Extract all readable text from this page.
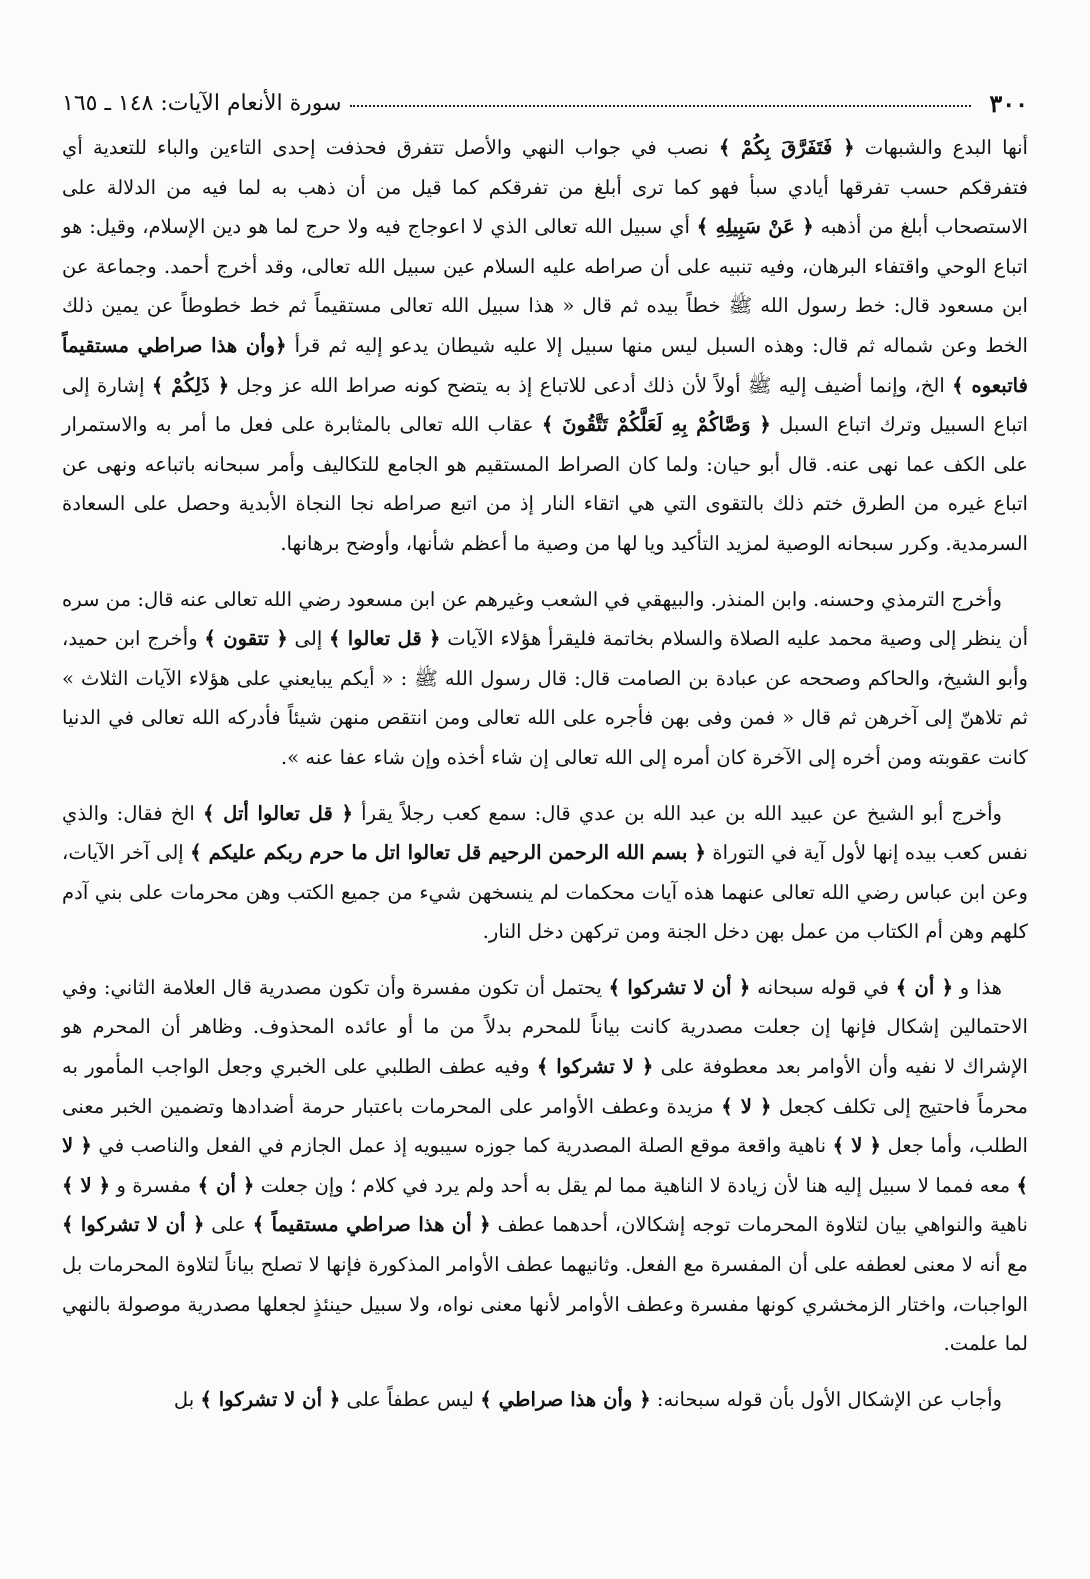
٣٠٠
سورة الأنعام الآيات: ١٤٨ ـ ١٦٥

أنها البدع والشبهات ﴿ فَتَفَرَّقَ بِكُمْ ﴾ نصب في جواب النهي والأصل تتفرق فحذفت إحدى التاءين والباء للتعدية أي فتفرقكم حسب تفرقها أيادي سبأ فهو كما ترى أبلغ من تفرقكم كما قيل من أن ذهب به لما فيه من الدلالة على الاستصحاب أبلغ من أذهبه ﴿ عَنْ سَبِيلِهِ ﴾ أي سبيل الله تعالى الذي لا اعوجاج فيه ولا حرج لما هو دين الإسلام، وقيل: هو اتباع الوحي واقتفاء البرهان، وفيه تنبيه على أن صراطه عليه السلام عين سبيل الله تعالى، وقد أخرج أحمد. وجماعة عن ابن مسعود قال: خط رسول الله ﷺ خطاً بيده ثم قال « هذا سبيل الله تعالى مستقيماً ثم خط خطوطاً عن يمين ذلك الخط وعن شماله ثم قال: وهذه السبل ليس منها سبيل إلا عليه شيطان يدعو إليه ثم قرأ ﴿وأن هذا صراطي مستقيماً فاتبعوه ﴾ الخ، وإنما أضيف إليه ﷺ أولاً لأن ذلك أدعى للاتباع إذ به يتضح كونه صراط الله عز وجل ﴿ ذَلِكُمْ ﴾ إشارة إلى اتباع السبيل وترك اتباع السبل ﴿ وَصَّاكُمْ بِهِ لَعَلَّكُمْ تَتَّقُونَ ﴾ عقاب الله تعالى بالمثابرة على فعل ما أمر به والاستمرار على الكف عما نهى عنه. قال أبو حيان: ولما كان الصراط المستقيم هو الجامع للتكاليف وأمر سبحانه باتباعه ونهى عن اتباع غيره من الطرق ختم ذلك بالتقوى التي هي اتقاء النار إذ من اتبع صراطه نجا النجاة الأبدية وحصل على السعادة السرمدية. وكرر سبحانه الوصية لمزيد التأكيد ويا لها من وصية ما أعظم شأنها، وأوضح برهانها.

وأخرج الترمذي وحسنه. وابن المنذر. والبيهقي في الشعب وغيرهم عن ابن مسعود رضي الله تعالى عنه قال: من سره أن ينظر إلى وصية محمد عليه الصلاة والسلام بخاتمة فليقرأ هؤلاء الآيات ﴿ قل تعالوا ﴾ إلى ﴿ تتقون ﴾ وأخرج ابن حميد، وأبو الشيخ، والحاكم وصححه عن عبادة بن الصامت قال: قال رسول الله ﷺ : « أيكم يبايعني على هؤلاء الآيات الثلاث » ثم تلاهنّ إلى آخرهن ثم قال « فمن وفى بهن فأجره على الله تعالى ومن انتقص منهن شيئاً فأدركه الله تعالى في الدنيا كانت عقوبته ومن أخره إلى الآخرة كان أمره إلى الله تعالى إن شاء أخذه وإن شاء عفا عنه ».

وأخرج أبو الشيخ عن عبيد الله بن عبد الله بن عدي قال: سمع كعب رجلاً يقرأ ﴿ قل تعالوا أتل ﴾ الخ فقال: والذي نفس كعب بيده إنها لأول آية في التوراة ﴿ بسم الله الرحمن الرحيم قل تعالوا اتل ما حرم ربكم عليكم ﴾ إلى آخر الآيات، وعن ابن عباس رضي الله تعالى عنهما هذه آيات محكمات لم ينسخهن شيء من جميع الكتب وهن محرمات على بني آدم كلهم وهن أم الكتاب من عمل بهن دخل الجنة ومن تركهن دخل النار.

هذا و ﴿ أن ﴾ في قوله سبحانه ﴿ أن لا تشركوا ﴾ يحتمل أن تكون مفسرة وأن تكون مصدرية قال العلامة الثاني: وفي الاحتمالين إشكال فإنها إن جعلت مصدرية كانت بياناً للمحرم بدلاً من ما أو عائده المحذوف. وظاهر أن المحرم هو الإشراك لا نفيه وأن الأوامر بعد معطوفة على ﴿ لا تشركوا ﴾ وفيه عطف الطلبي على الخبري وجعل الواجب المأمور به محرماً فاحتيج إلى تكلف كجعل ﴿ لا ﴾ مزيدة وعطف الأوامر على المحرمات باعتبار حرمة أضدادها وتضمين الخبر معنى الطلب، وأما جعل ﴿ لا ﴾ ناهية واقعة موقع الصلة المصدرية كما جوزه سيبويه إذ عمل الجازم في الفعل والناصب في ﴿ لا ﴾ معه فمما لا سبيل إليه هنا لأن زيادة لا الناهية مما لم يقل به أحد ولم يرد في كلام ؛ وإن جعلت ﴿ أن ﴾ مفسرة و ﴿ لا ﴾ ناهية والنواهي بيان لتلاوة المحرمات توجه إشكالان، أحدهما عطف ﴿ أن هذا صراطي مستقيماً ﴾ على ﴿ أن لا تشركوا ﴾ مع أنه لا معنى لعطفه على أن المفسرة مع الفعل. وثانيهما عطف الأوامر المذكورة فإنها لا تصلح بياناً لتلاوة المحرمات بل الواجبات، واختار الزمخشري كونها مفسرة وعطف الأوامر لأنها معنى نواه، ولا سبيل حينئذٍ لجعلها مصدرية موصولة بالنهي لما علمت.

وأجاب عن الإشكال الأول بأن قوله سبحانه: ﴿ وأن هذا صراطي ﴾ ليس عطفاً على ﴿ أن لا تشركوا ﴾ بل
